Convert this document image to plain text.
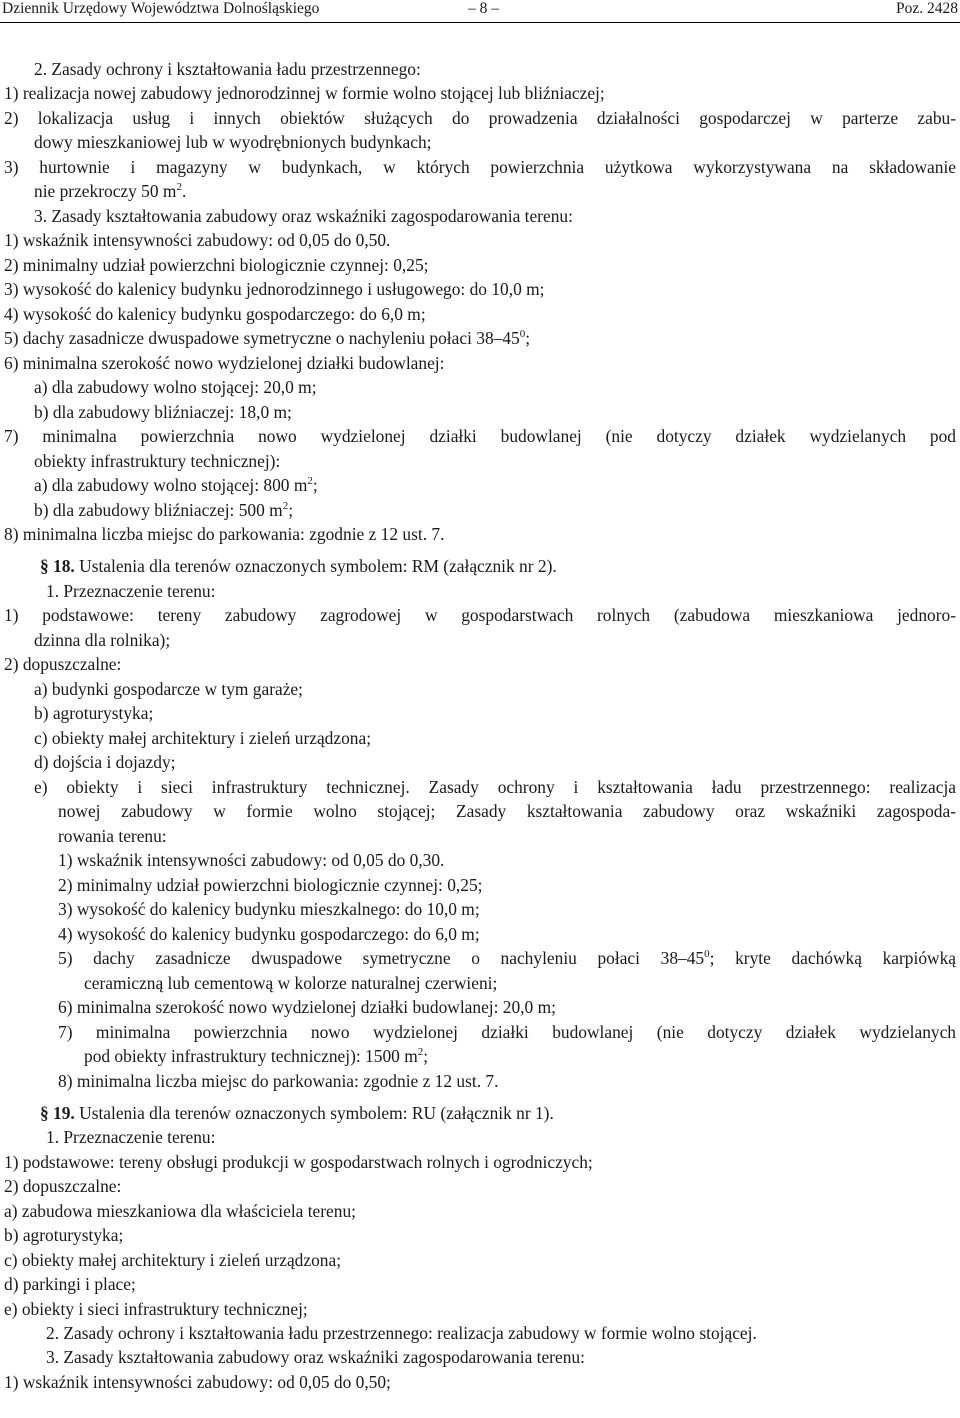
Dziennik Urzędowy Województwa Dolnośląskiego	– 8 –	Poz. 2428
2. Zasady ochrony i kształtowania ładu przestrzennego:
1) realizacja nowej zabudowy jednorodzinnej w formie wolno stojącej lub bliźniaczej;
2) lokalizacja usług i innych obiektów służących do prowadzenia działalności gospodarczej w parterze zabu-
dowy mieszkaniowej lub w wyodrębnionych budynkach;
3) hurtownie i magazyny w budynkach, w których powierzchnia użytkowa wykorzystywana na składowanie
nie przekroczy 50 $m^2$.
3. Zasady kształtowania zabudowy oraz wskaźniki zagospodarowania terenu:
1) wskaźnik intensywności zabudowy: od 0,05 do 0,50.
2) minimalny udział powierzchni biologicznie czynnej: 0,25;
3) wysokość do kalenicy budynku jednorodzinnego i usługowego: do 10,0 m;
4) wysokość do kalenicy budynku gospodarczego: do 6,0 m;
5) dachy zasadnicze dwuspadowe symetryczne o nachyleniu połaci $38-45^0$;
6) minimalna szerokość nowo wydzielonej działki budowlanej:
a) dla zabudowy wolno stojącej: 20,0 m;
b) dla zabudowy bliźniaczej: 18,0 m;
7) minimalna powierzchnia nowo wydzielonej działki budowlanej (nie dotyczy działek wydzielanych pod
obiekty infrastruktury technicznej):
a) dla zabudowy wolno stojącej: 800 $m^2$;
b) dla zabudowy bliźniaczej: 500 $m^2$;
8) minimalna liczba miejsc do parkowania: zgodnie z 12 ust. 7.
§ 18. Ustalenia dla terenów oznaczonych symbolem: RM (załącznik nr 2).
1. Przeznaczenie terenu:
1) podstawowe: tereny zabudowy zagrodowej w gospodarstwach rolnych (zabudowa mieszkaniowa jednoro-
dzinna dla rolnika);
2) dopuszczalne:
a) budynki gospodarcze w tym garaże;
b) agroturystyka;
c) obiekty małej architektury i zieleń urządzona;
d) dojścia i dojazdy;
e) obiekty i sieci infrastruktury technicznej. Zasady ochrony i kształtowania ładu przestrzennego: realizacja
nowej zabudowy w formie wolno stojącej; Zasady kształtowania zabudowy oraz wskaźniki zagospoda-
rowania terenu:
1) wskaźnik intensywności zabudowy: od 0,05 do 0,30.
2) minimalny udział powierzchni biologicznie czynnej: 0,25;
3) wysokość do kalenicy budynku mieszkalnego: do 10,0 m;
4) wysokość do kalenicy budynku gospodarczego: do 6,0 m;
5) dachy zasadnicze dwuspadowe symetryczne o nachyleniu połaci $38-45^0$; kryte dachówką karpiówką
ceramiczną lub cementową w kolorze naturalnej czerwieni;
6) minimalna szerokość nowo wydzielonej działki budowlanej: 20,0 m;
7) minimalna powierzchnia nowo wydzielonej działki budowlanej (nie dotyczy działek wydzielanych
pod obiekty infrastruktury technicznej): 1500 $m^2$;
8) minimalna liczba miejsc do parkowania: zgodnie z 12 ust. 7.
§ 19. Ustalenia dla terenów oznaczonych symbolem: RU (załącznik nr 1).
1. Przeznaczenie terenu:
1) podstawowe: tereny obsługi produkcji w gospodarstwach rolnych i ogrodniczych;
2) dopuszczalne:
a) zabudowa mieszkaniowa dla właściciela terenu;
b) agroturystyka;
c) obiekty małej architektury i zieleń urządzona;
d) parkingi i place;
e) obiekty i sieci infrastruktury technicznej;
2. Zasady ochrony i kształtowania ładu przestrzennego: realizacja zabudowy w formie wolno stojącej.
3. Zasady kształtowania zabudowy oraz wskaźniki zagospodarowania terenu:
1) wskaźnik intensywności zabudowy: od 0,05 do 0,50;
